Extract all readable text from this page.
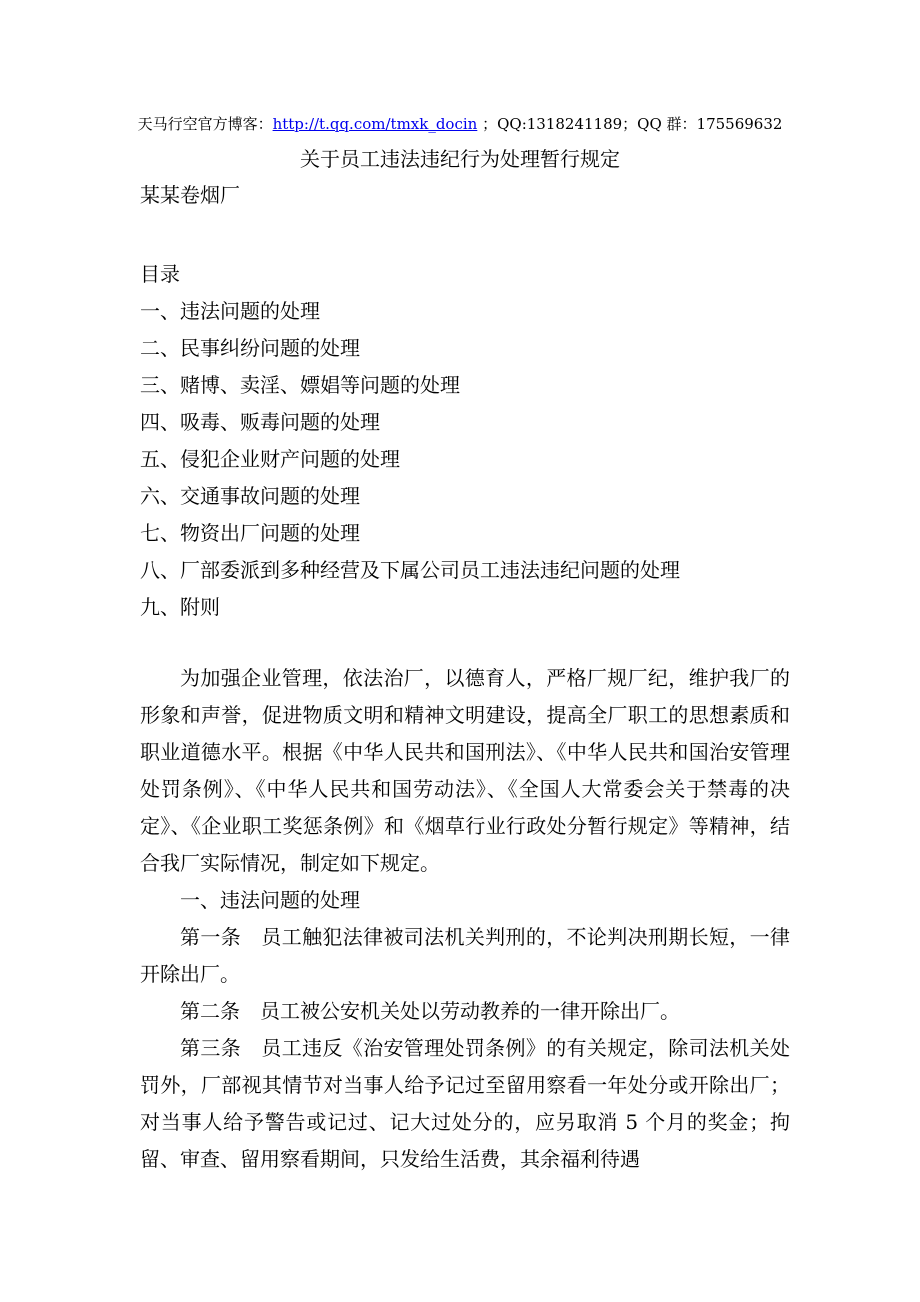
天马行空官方博客：http://t.qq.com/tmxk_docin ；QQ:1318241189；QQ 群：175569632
关于员工违法违纪行为处理暂行规定
某某卷烟厂
目录
一、违法问题的处理
二、民事纠纷问题的处理
三、赌博、卖淫、嫖娼等问题的处理
四、吸毒、贩毒问题的处理
五、侵犯企业财产问题的处理
六、交通事故问题的处理
七、物资出厂问题的处理
八、厂部委派到多种经营及下属公司员工违法违纪问题的处理
九、附则

为加强企业管理，依法治厂，以德育人，严格厂规厂纪，维护我厂的形象和声誉，促进物质文明和精神文明建设，提高全厂职工的思想素质和职业道德水平。根据《中华人民共和国刑法》、《中华人民共和国治安管理处罚条例》、《中华人民共和国劳动法》、《全国人大常委会关于禁毒的决定》、《企业职工奖惩条例》和《烟草行业行政处分暂行规定》等精神，结合我厂实际情况，制定如下规定。

一、违法问题的处理

第一条　员工触犯法律被司法机关判刑的，不论判决刑期长短，一律开除出厂。

第二条　员工被公安机关处以劳动教养的一律开除出厂。

第三条　员工违反《治安管理处罚条例》的有关规定，除司法机关处罚外，厂部视其情节对当事人给予记过至留用察看一年处分或开除出厂；对当事人给予警告或记过、记大过处分的，应另取消 5 个月的奖金；拘留、审查、留用察看期间，只发给生活费，其余福利待遇
